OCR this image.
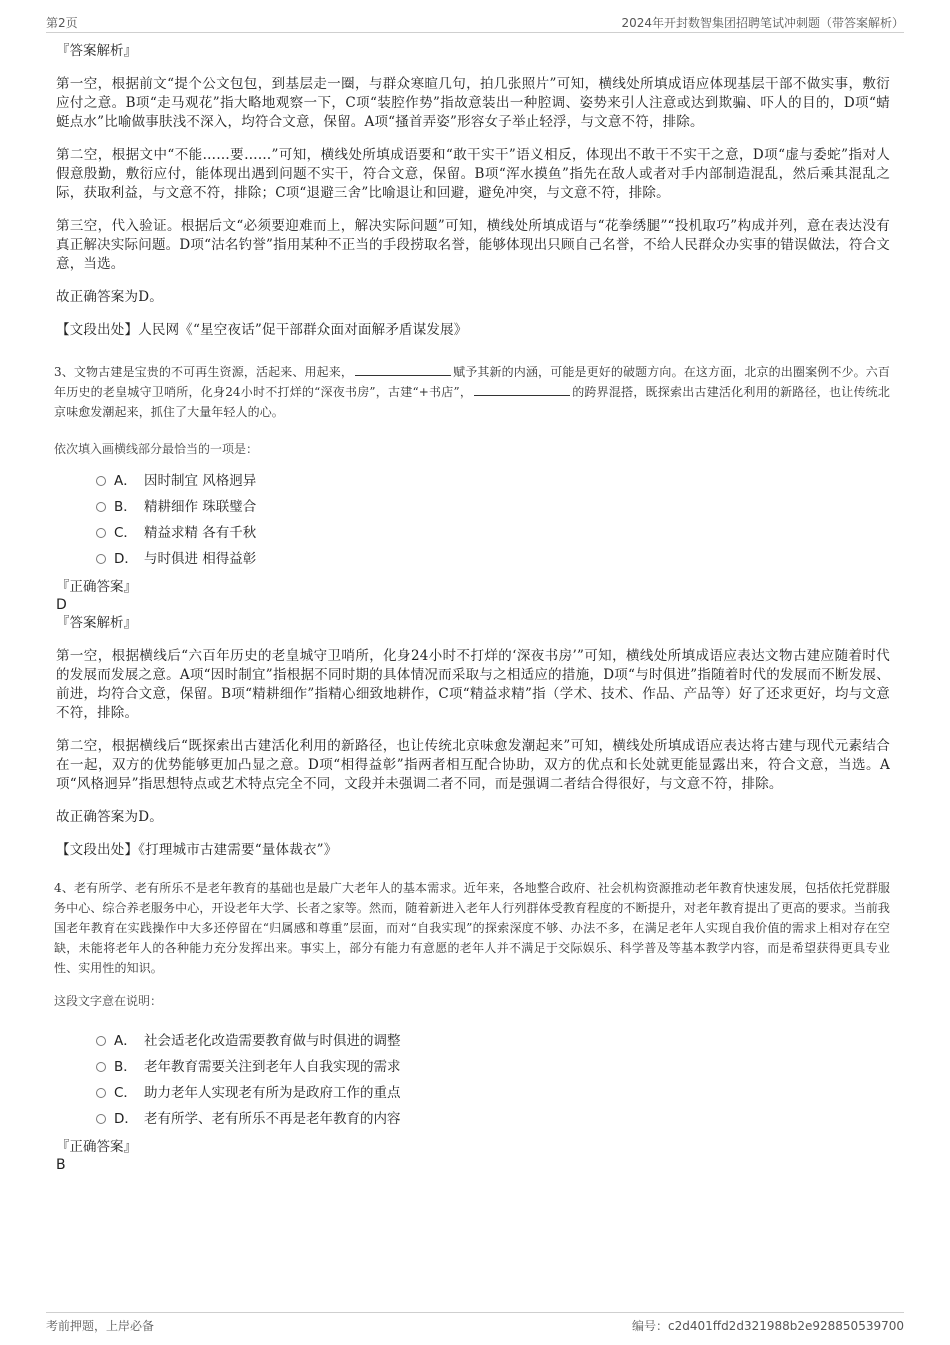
第2页	2024年开封数智集团招聘笔试冲刺题（带答案解析）
『答案解析』

第一空，根据前文“提个公文包包，到基层走一圈，与群众寒暄几句，拍几张照片”可知，横线处所填成语应体现基层干部不做实事，敷衍应付之意。B项“走马观花”指大略地观察一下，C项“装腔作势”指故意装出一种腔调、姿势来引人注意或达到欺骗、吓人的目的，D项“蜻蜓点水”比喻做事肤浅不深入，均符合文意，保留。A项“搔首弄姿”形容女子举止轻浮，与文意不符，排除。

第二空，根据文中“不能……要……”可知，横线处所填成语要和“敢干实干”语义相反，体现出不敢干不实干之意，D项“虚与委蛇”指对人假意殷勤，敷衍应付，能体现出遇到问题不实干，符合文意，保留。B项“浑水摸鱼”指先在敌人或者对手内部制造混乱，然后乘其混乱之际，获取利益，与文意不符，排除；C项“退避三舍”比喻退让和回避，避免冲突，与文意不符，排除。

第三空，代入验证。根据后文“必须要迎难而上，解决实际问题”可知，横线处所填成语与“花拳绣腿”“投机取巧”构成并列，意在表达没有真正解决实际问题。D项“沽名钓誉”指用某种不正当的手段捞取名誉，能够体现出只顾自己名誉，不给人民群众办实事的错误做法，符合文意，当选。

故正确答案为D。

【文段出处】人民网《“星空夜话”促干部群众面对面解矛盾谋发展》

3、文物古建是宝贵的不可再生资源，活起来、用起来，	赋予其新的内涵，可能是更好的破题方向。在这方面，北京的出圈案例不少。六百年历史的老皇城守卫哨所，化身24小时不打烊的“深夜书房”，古建“+书店”，	的跨界混搭，既探索出古建活化利用的新路径，也让传统北京味愈发潮起来，抓住了大量年轻人的心。
依次填入画横线部分最恰当的一项是：
A． 因时制宜 风格迥异
B． 精耕细作 珠联璧合
C． 精益求精 各有千秋
D． 与时俱进 相得益彰
『正确答案』
D
『答案解析』

第一空，根据横线后“六百年历史的老皇城守卫哨所，化身24小时不打烊的‘深夜书房’”可知，横线处所填成语应表达文物古建应随着时代的发展而发展之意。A项“因时制宜”指根据不同时期的具体情况而采取与之相适应的措施，D项“与时俱进”指随着时代的发展而不断发展、前进，均符合文意，保留。B项“精耕细作”指精心细致地耕作，C项“精益求精”指（学术、技术、作品、产品等）好了还求更好，均与文意不符，排除。

第二空，根据横线后“既探索出古建活化利用的新路径，也让传统北京味愈发潮起来”可知，横线处所填成语应表达将古建与现代元素结合在一起，双方的优势能够更加凸显之意。D项“相得益彰”指两者相互配合协助，双方的优点和长处就更能显露出来，符合文意，当选。A项“风格迥异”指思想特点或艺术特点完全不同，文段并未强调二者不同，而是强调二者结合得很好，与文意不符，排除。

故正确答案为D。

【文段出处】《打理城市古建需要“量体裁衣”》

4、老有所学、老有所乐不是老年教育的基础也是最广大老年人的基本需求。近年来，各地整合政府、社会机构资源推动老年教育快速发展，包括依托党群服务中心、综合养老服务中心，开设老年大学、长者之家等。然而，随着新进入老年人行列群体受教育程度的不断提升，对老年教育提出了更高的要求。当前我国老年教育在实践操作中大多还停留在“归属感和尊重”层面，而对“自我实现”的探索深度不够、办法不多，在满足老年人实现自我价值的需求上相对存在空缺，未能将老年人的各种能力充分发挥出来。事实上，部分有能力有意愿的老年人并不满足于交际娱乐、科学普及等基本教学内容，而是希望获得更具专业性、实用性的知识。
这段文字意在说明：
A． 社会适老化改造需要教育做与时俱进的调整
B． 老年教育需要关注到老年人自我实现的需求
C． 助力老年人实现老有所为是政府工作的重点
D． 老有所学、老有所乐不再是老年教育的内容
『正确答案』
B
考前押题，上岸必备	编号：c2d401ffd2d321988b2e928850539700
